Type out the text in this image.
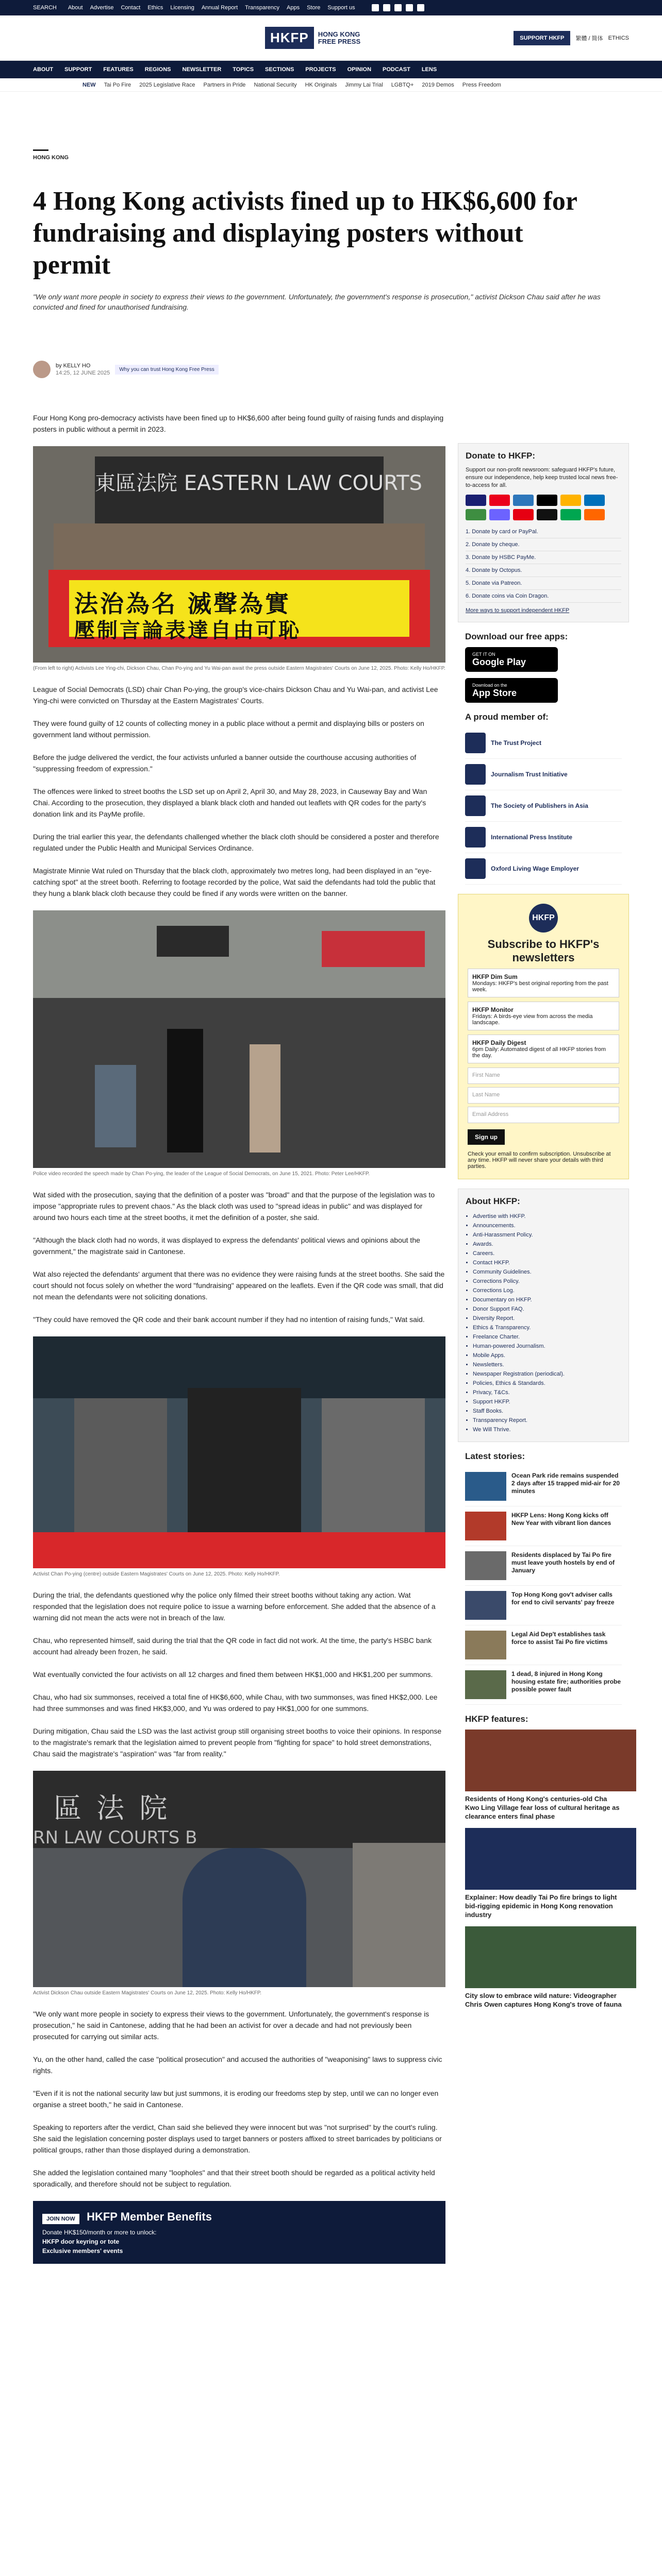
SEARCH About Advertise Contact Ethics Licensing Annual Report Transparency Apps Store Support us
HKFP	HONG KONG
FREE PRESS	SUPPORT HKFP	繁體 / 简体 ETHICS
ABOUT SUPPORT FEATURES REGIONS NEWSLETTER TOPICS SECTIONS PROJECTS OPINION PODCAST LENS
NEW Tai Po Fire 2025 Legislative Race Partners in Pride National Security HK Originals Jimmy Lai Trial LGBTQ+ 2019 Demos Press Freedom
HONG KONG
4 Hong Kong activists fined up to HK$6,600 for fundraising and displaying posters without permit
"We only want more people in society to express their views to the government. Unfortunately, the government's response is prosecution," activist Dickson Chau said after he was convicted and fined for unauthorised fundraising.
by KELLY HO
14:25, 12 JUNE 2025
Why you can trust Hong Kong Free Press

Four Hong Kong pro-democracy activists have been fined up to HK$6,600 after being found guilty of raising funds and displaying posters in public without a permit in 2023.

東區法院 EASTERN LAW COURTS
法治為名 滅聲為實
壓制言論表達自由可恥
(From left to right) Activists Lee Ying-chi, Dickson Chau, Chan Po-ying and Yu Wai-pan await the press outside Eastern Magistrates' Courts on June 12, 2025. Photo: Kelly Ho/HKFP.

League of Social Democrats (LSD) chair Chan Po-ying, the group's vice-chairs Dickson Chau and Yu Wai-pan, and activist Lee Ying-chi were convicted on Thursday at the Eastern Magistrates' Courts.

They were found guilty of 12 counts of collecting money in a public place without a permit and displaying bills or posters on government land without permission.

Before the judge delivered the verdict, the four activists unfurled a banner outside the courthouse accusing authorities of "suppressing freedom of expression."

The offences were linked to street booths the LSD set up on April 2, April 30, and May 28, 2023, in Causeway Bay and Wan Chai. According to the prosecution, they displayed a blank black cloth and handed out leaflets with QR codes for the party's donation link and its PayMe profile.

During the trial earlier this year, the defendants challenged whether the black cloth should be considered a poster and therefore regulated under the Public Health and Municipal Services Ordinance.

Magistrate Minnie Wat ruled on Thursday that the black cloth, approximately two metres long, had been displayed in an "eye-catching spot" at the street booth. Referring to footage recorded by the police, Wat said the defendants had told the public that they hung a blank black cloth because they could be fined if any words were written on the banner.

Police video recorded the speech made by Chan Po-ying, the leader of the League of Social Democrats, on June 15, 2021. Photo: Peter Lee/HKFP.

Wat sided with the prosecution, saying that the definition of a poster was "broad" and that the purpose of the legislation was to impose "appropriate rules to prevent chaos." As the black cloth was used to "spread ideas in public" and was displayed for around two hours each time at the street booths, it met the definition of a poster, she said.

"Although the black cloth had no words, it was displayed to express the defendants' political views and opinions about the government," the magistrate said in Cantonese.

Wat also rejected the defendants' argument that there was no evidence they were raising funds at the street booths. She said the court should not focus solely on whether the word "fundraising" appeared on the leaflets. Even if the QR code was small, that did not mean the defendants were not soliciting donations.

"They could have removed the QR code and their bank account number if they had no intention of raising funds," Wat said.

Activist Chan Po-ying (centre) outside Eastern Magistrates' Courts on June 12, 2025. Photo: Kelly Ho/HKFP.

During the trial, the defendants questioned why the police only filmed their street booths without taking any action. Wat responded that the legislation does not require police to issue a warning before enforcement. She added that the absence of a warning did not mean the acts were not in breach of the law.

Chau, who represented himself, said during the trial that the QR code in fact did not work. At the time, the party's HSBC bank account had already been frozen, he said.

Wat eventually convicted the four activists on all 12 charges and fined them between HK$1,000 and HK$1,200 per summons.

Chau, who had six summonses, received a total fine of HK$6,600, while Chau, with two summonses, was fined HK$2,000. Lee had three summonses and was fined HK$3,000, and Yu was ordered to pay HK$1,000 for one summons.

During mitigation, Chau said the LSD was the last activist group still organising street booths to voice their opinions. In response to the magistrate's remark that the legislation aimed to prevent people from "fighting for space" to hold street demonstrations, Chau said the magistrate's "aspiration" was "far from reality."

區 法 院
RN LAW COURTS B
Activist Dickson Chau outside Eastern Magistrates' Courts on June 12, 2025. Photo: Kelly Ho/HKFP.

"We only want more people in society to express their views to the government. Unfortunately, the government's response is prosecution," he said in Cantonese, adding that he had been an activist for over a decade and had not previously been prosecuted for carrying out similar acts.

Yu, on the other hand, called the case "political prosecution" and accused the authorities of "weaponising" laws to suppress civic rights.

"Even if it is not the national security law but just summons, it is eroding our freedoms step by step, until we can no longer even organise a street booth," he said in Cantonese.

Speaking to reporters after the verdict, Chan said she believed they were innocent but was "not surprised" by the court's ruling. She said the legislation concerning poster displays used to target banners or posters affixed to street barricades by politicians or political groups, rather than those displayed during a demonstration.

She added the legislation contained many "loopholes" and that their street booth should be regarded as a political activity held sporadically, and therefore should not be subject to regulation.

JOIN NOW HKFP Member Benefits
Donate HK$150/month or more to unlock:
HKFP door keyring or tote
Exclusive members' events
Donate to HKFP:

Support our non-profit newsroom: safeguard HKFP's future, ensure our independence, help keep trusted local news free-to-access for all.

1. Donate by card or PayPal.
2. Donate by cheque.
3. Donate by HSBC PayMe.
4. Donate by Octopus.
5. Donate via Patreon.
6. Donate coins via Coin Dragon.

More ways to support independent HKFP

Download our free apps:
GET IT ON
Google Play
Download on the
App Store
A proud member of:
The Trust Project
Journalism Trust Initiative
The Society of Publishers in Asia
International Press Institute
Oxford Living Wage Employer
HKFP
Subscribe to HKFP's newsletters
HKFP Dim Sum
Mondays: HKFP's best original reporting from the past week.
HKFP Monitor
Fridays: A birds-eye view from across the media landscape.
HKFP Daily Digest
6pm Daily: Automated digest of all HKFP stories from the day.
First Name
Last Name
Email Address
Sign up

Check your email to confirm subscription. Unsubscribe at any time. HKFP will never share your details with third parties.

About HKFP:
• Advertise with HKFP.
• Announcements.
• Anti-Harassment Policy.
• Awards.
• Careers.
• Contact HKFP.
• Community Guidelines.
• Corrections Policy.
• Corrections Log.
• Documentary on HKFP.
• Donor Support FAQ.
• Diversity Report.
• Ethics & Transparency.
• Freelance Charter.
• Human-powered Journalism.
• Mobile Apps.
• Newsletters.
• Newspaper Registration (periodical).
• Policies, Ethics & Standards.
• Privacy, T&Cs.
• Support HKFP.
• Staff Books.
• Transparency Report.
• We Will Thrive.
Latest stories:
Ocean Park ride remains suspended 2 days after 15 trapped mid-air for 20 minutes
HKFP Lens: Hong Kong kicks off New Year with vibrant lion dances
Residents displaced by Tai Po fire must leave youth hostels by end of January
Top Hong Kong gov't adviser calls for end to civil servants' pay freeze
Legal Aid Dep't establishes task force to assist Tai Po fire victims
1 dead, 8 injured in Hong Kong housing estate fire; authorities probe possible power fault
HKFP features:
Residents of Hong Kong's centuries-old Cha Kwo Ling Village fear loss of cultural heritage as clearance enters final phase
Explainer: How deadly Tai Po fire brings to light bid-rigging epidemic in Hong Kong renovation industry
City slow to embrace wild nature: Videographer Chris Owen captures Hong Kong's trove of fauna
